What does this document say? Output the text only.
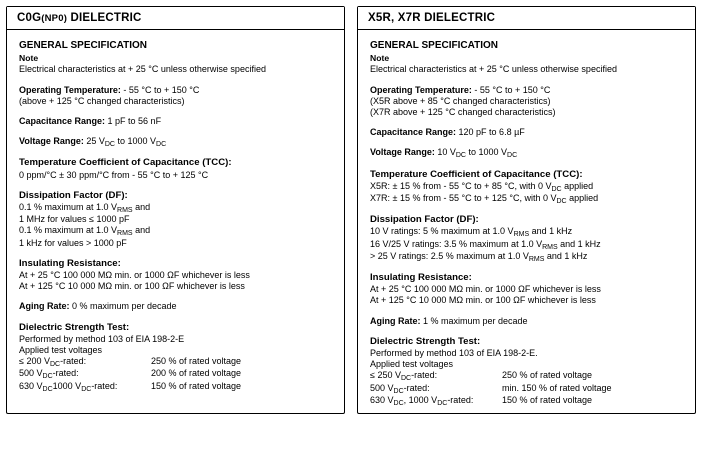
C0G(NP0) DIELECTRIC
GENERAL SPECIFICATION
Note
Electrical characteristics at + 25 °C unless otherwise specified
Operating Temperature: - 55 °C to + 150 °C
(above + 125 °C changed characteristics)
Capacitance Range: 1 pF to 56 nF
Voltage Range: 25 $V_{DC}$ to 1000 $V_{DC}$
Temperature Coefficient of Capacitance (TCC):
0 ppm/°C ± 30 ppm/°C from - 55 °C to + 125 °C
Dissipation Factor (DF):
0.1 % maximum at 1.0 $V_{RMS}$ and
1 MHz for values ≤ 1000 pF
0.1 % maximum at 1.0 $V_{RMS}$ and
1 kHz for values > 1000 pF
Insulating Resistance:
At + 25 °C 100 000 MΩ min. or 1000 ΩF whichever is less
At + 125 °C 10 000 MΩ min. or 100 ΩF whichever is less
Aging Rate: 0 % maximum per decade
Dielectric Strength Test:
Performed by method 103 of EIA 198-2-E
Applied test voltages
≤ 200 $V_{DC}$-rated:	250 % of rated voltage
500 $V_{DC}$-rated:	200 % of rated voltage
630 $V_{DC}1000$ $V_{DC}$-rated:	150 % of rated voltage
X5R, X7R DIELECTRIC
GENERAL SPECIFICATION
Note
Electrical characteristics at + 25 °C unless otherwise specified
Operating Temperature: - 55 °C to + 150 °C
(X5R above + 85 °C changed characteristics)
(X7R above + 125 °C changed characteristics)
Capacitance Range: 120 pF to 6.8 µF
Voltage Range: 10 $V_{DC}$ to 1000 $V_{DC}$
Temperature Coefficient of Capacitance (TCC):
X5R: ± 15 % from - 55 °C to + 85 °C, with 0 $V_{DC}$ applied
X7R: ± 15 % from - 55 °C to + 125 °C, with 0 $V_{DC}$ applied
Dissipation Factor (DF):
10 V ratings: 5 % maximum at 1.0 $V_{RMS}$ and 1 kHz
16 V/25 V ratings: 3.5 % maximum at 1.0 $V_{RMS}$ and 1 kHz
> 25 V ratings: 2.5 % maximum at 1.0 $V_{RMS}$ and 1 kHz
Insulating Resistance:
At + 25 °C 100 000 MΩ min. or 1000 ΩF whichever is less
At + 125 °C 10 000 MΩ min. or 100 ΩF whichever is less
Aging Rate: 1 % maximum per decade
Dielectric Strength Test:
Performed by method 103 of EIA 198-2-E.
Applied test voltages
≤ 250 $V_{DC}$-rated:	250 % of rated voltage
500 $V_{DC}$-rated:	min. 150 % of rated voltage
630 $V_{DC}$, 1000 $V_{DC}$-rated:	150 % of rated voltage
